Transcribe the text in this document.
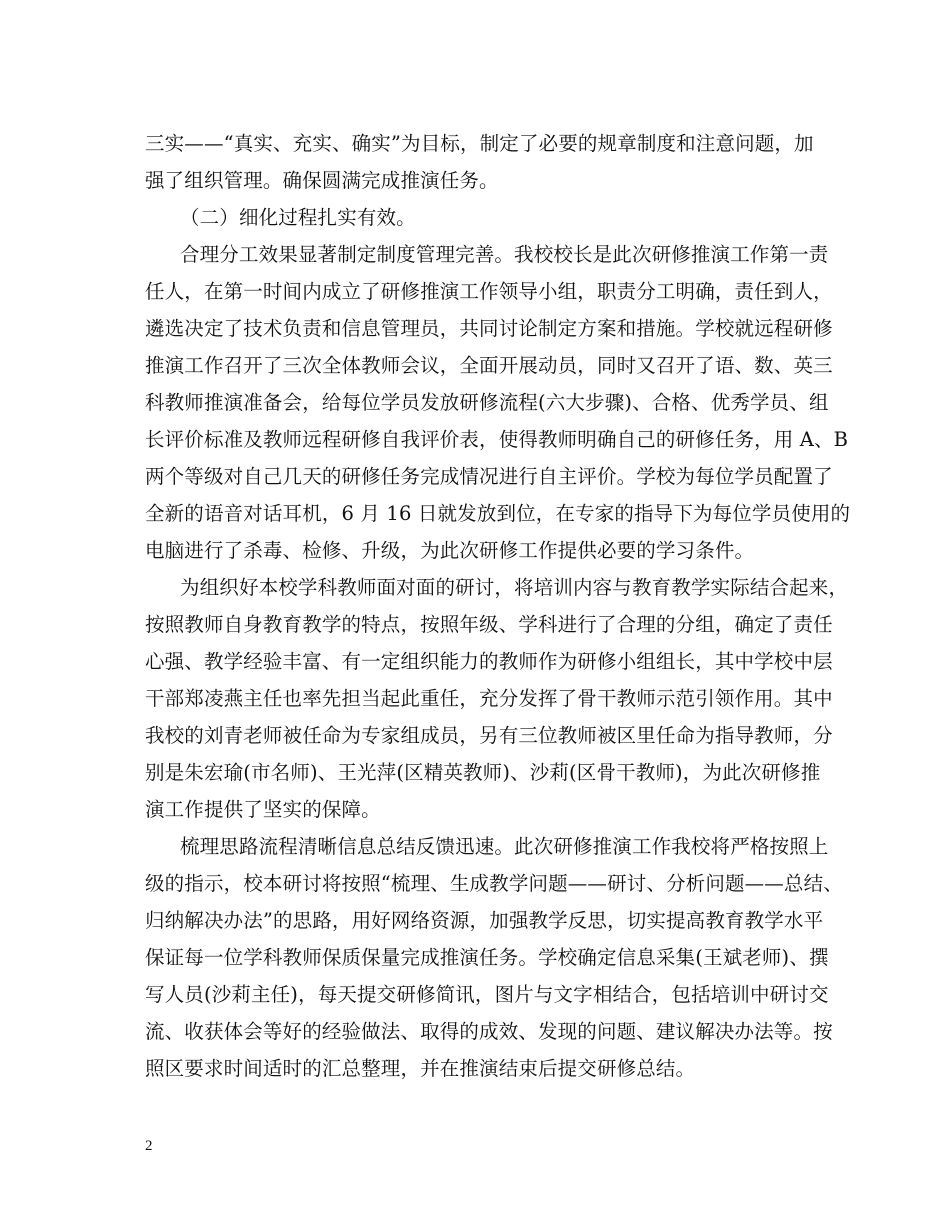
三实——“真实、充实、确实”为目标，制定了必要的规章制度和注意问题，加
强了组织管理。确保圆满完成推演任务。
（二）细化过程扎实有效。
合理分工效果显著制定制度管理完善。我校校长是此次研修推演工作第一责
任人，在第一时间内成立了研修推演工作领导小组，职责分工明确，责任到人，
遴选决定了技术负责和信息管理员，共同讨论制定方案和措施。学校就远程研修
推演工作召开了三次全体教师会议，全面开展动员，同时又召开了语、数、英三
科教师推演准备会，给每位学员发放研修流程(六大步骤)、合格、优秀学员、组
长评价标准及教师远程研修自我评价表，使得教师明确自己的研修任务，用 A、B
两个等级对自己几天的研修任务完成情况进行自主评价。学校为每位学员配置了
全新的语音对话耳机，6 月 16 日就发放到位，在专家的指导下为每位学员使用的
电脑进行了杀毒、检修、升级，为此次研修工作提供必要的学习条件。
为组织好本校学科教师面对面的研讨，将培训内容与教育教学实际结合起来，
按照教师自身教育教学的特点，按照年级、学科进行了合理的分组，确定了责任
心强、教学经验丰富、有一定组织能力的教师作为研修小组组长，其中学校中层
干部郑凌燕主任也率先担当起此重任，充分发挥了骨干教师示范引领作用。其中
我校的刘青老师被任命为专家组成员，另有三位教师被区里任命为指导教师，分
别是朱宏瑜(市名师)、王光萍(区精英教师)、沙莉(区骨干教师)，为此次研修推
演工作提供了坚实的保障。
梳理思路流程清晰信息总结反馈迅速。此次研修推演工作我校将严格按照上
级的指示，校本研讨将按照“梳理、生成教学问题——研讨、分析问题——总结、
归纳解决办法”的思路，用好网络资源，加强教学反思，切实提高教育教学水平
保证每一位学科教师保质保量完成推演任务。学校确定信息采集(王斌老师)、撰
写人员(沙莉主任)，每天提交研修简讯，图片与文字相结合，包括培训中研讨交
流、收获体会等好的经验做法、取得的成效、发现的问题、建议解决办法等。按
照区要求时间适时的汇总整理，并在推演结束后提交研修总结。
2
